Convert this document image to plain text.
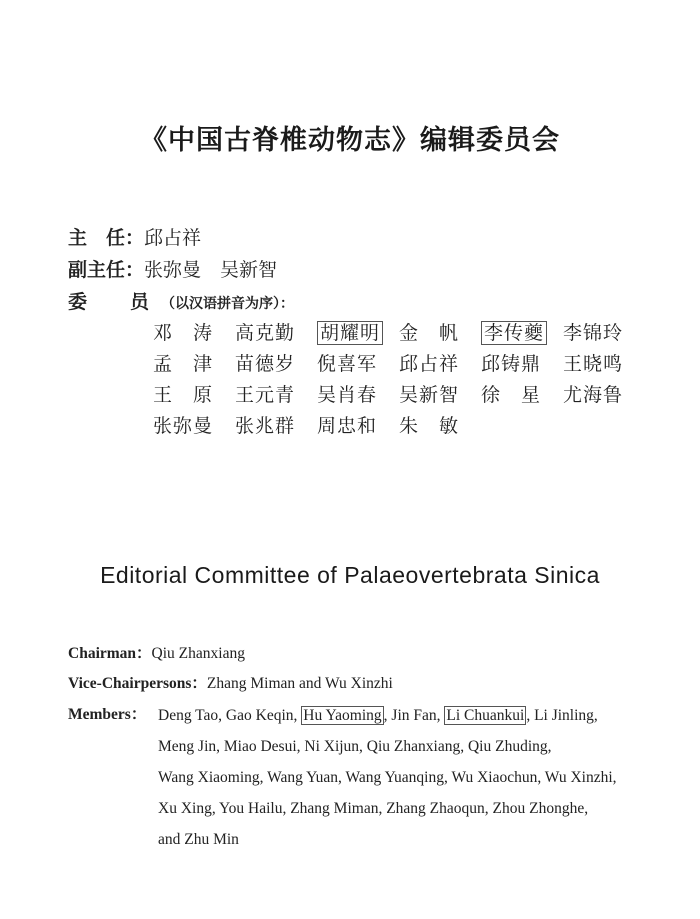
《中国古脊椎动物志》编辑委员会
主　任：邱占祥
副主任：张弥曼　吴新智
委　员（以汉语拼音为序）：
邓　涛 高克勤 胡耀明 金　帆 李传夔 李锦玲
孟　津 苗德岁 倪喜军 邱占祥 邱铸鼎 王晓鸣
王　原 王元青 吴肖春 吴新智 徐　星 尤海鲁
张弥曼 张兆群 周忠和 朱　敏
Editorial Committee of Palaeovertebrata Sinica
Chairman：Qiu Zhanxiang
Vice-Chairpersons：Zhang Miman and Wu Xinzhi
Members： Deng Tao, Gao Keqin, Hu Yaoming , Jin Fan, Li Chuankui , Li Jinling,
Meng Jin, Miao Desui, Ni Xijun, Qiu Zhanxiang, Qiu Zhuding,
Wang Xiaoming, Wang Yuan, Wang Yuanqing, Wu Xiaochun, Wu Xinzhi,
Xu Xing, You Hailu, Zhang Miman, Zhang Zhaoqun, Zhou Zhonghe,
and Zhu Min
